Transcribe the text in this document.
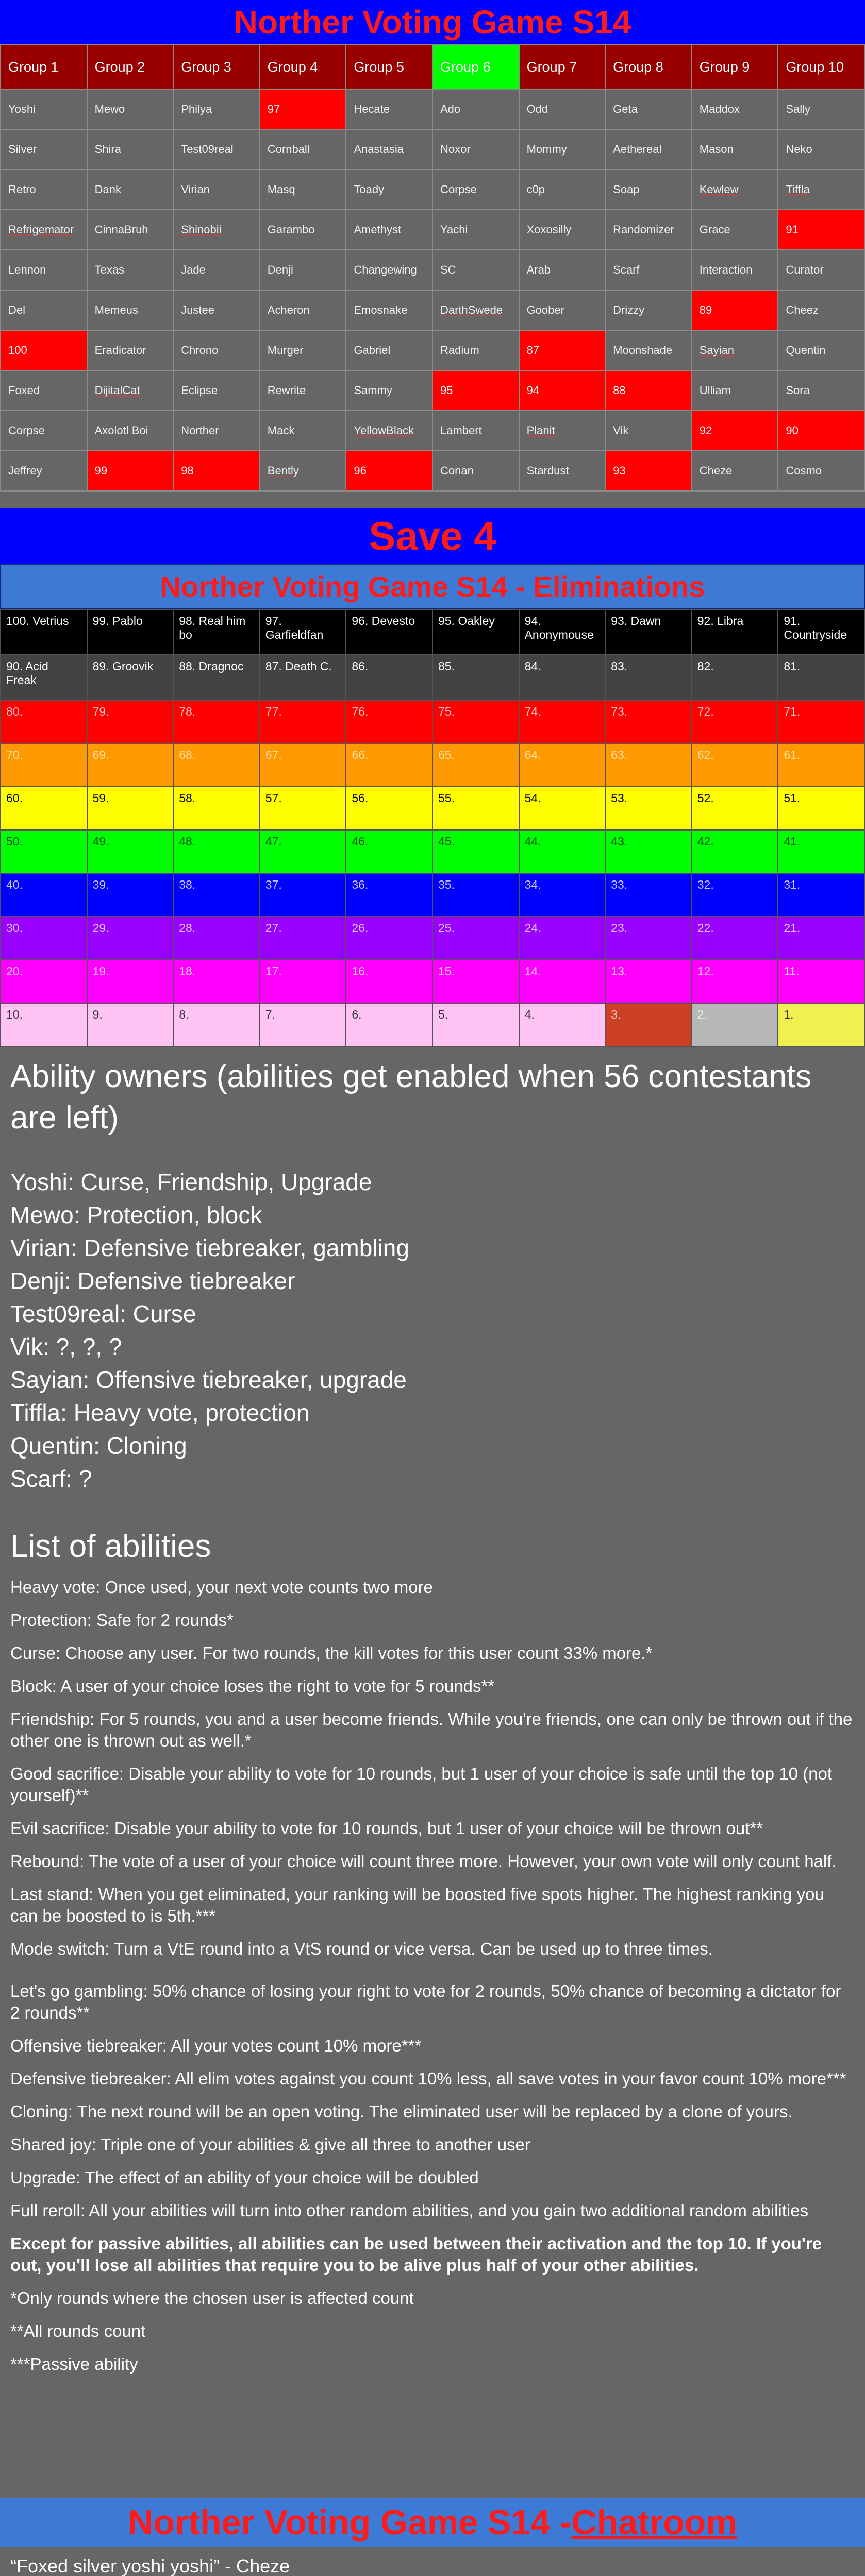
Norther Voting Game S14
Group 1	Group 2	Group 3	Group 4	Group 5	Group 6	Group 7	Group 8	Group 9	Group 10
Yoshi	Mewo	Philya	97	Hecate	Ado	Odd	Geta	Maddox	Sally
Silver	Shira	Test09real	Cornball	Anastasia	Noxor	Mommy	Aethereal	Mason	Neko
Retro	Dank	Virian	Masq	Toady	Corpse	c0p	Soap	Kewlew	Tiffla
Refrigemator	CinnaBruh	Shinobii	Garambo	Amethyst	Yachi	Xoxosilly	Randomizer	Grace	91
Lennon	Texas	Jade	Denji	Changewing	SC	Arab	Scarf	Interaction	Curator
Del	Memeus	Justee	Acheron	Emosnake	DarthSwede	Goober	Drizzy	89	Cheez
100	Eradicator	Chrono	Murger	Gabriel	Radium	87	Moonshade	Sayian	Quentin
Foxed	DijitalCat	Eclipse	Rewrite	Sammy	95	94	88	Ulliam	Sora
Corpse	Axolotl Boi	Norther	Mack	YellowBlack	Lambert	Planit	Vik	92	90
Jeffrey	99	98	Bently	96	Conan	Stardust	93	Cheze	Cosmo
Save 4
Norther Voting Game S14 - Eliminations
100. Vetrius	99. Pablo	98. Real him bo	97. Garfieldfan	96. Devesto	95. Oakley	94. Anonymouse	93. Dawn	92. Libra	91. Countryside
90. Acid Freak	89. Groovik	88. Dragnoc	87. Death C.	86.	85.	84.	83.	82.	81.
80.	79.	78.	77.	76.	75.	74.	73.	72.	71.
70.	69.	68.	67.	66.	65.	64.	63.	62.	61.
60.	59.	58.	57.	56.	55.	54.	53.	52.	51.
50.	49.	48.	47.	46.	45.	44.	43.	42.	41.
40.	39.	38.	37.	36.	35.	34.	33.	32.	31.
30.	29.	28.	27.	26.	25.	24.	23.	22.	21.
20.	19.	18.	17.	16.	15.	14.	13.	12.	11.
10.	9.	8.	7.	6.	5.	4.	3.	2.	1.
Ability owners (abilities get enabled when 56 contestants are left)
Yoshi: Curse, Friendship, Upgrade
Mewo: Protection, block
Virian: Defensive tiebreaker, gambling
Denji: Defensive tiebreaker
Test09real: Curse
Vik: ?, ?, ?
Sayian: Offensive tiebreaker, upgrade
Tiffla: Heavy vote, protection
Quentin: Cloning
Scarf: ?
List of abilities

Heavy vote: Once used, your next vote counts two more

Protection: Safe for 2 rounds*

Curse: Choose any user. For two rounds, the kill votes for this user count 33% more.*

Block: A user of your choice loses the right to vote for 5 rounds**

Friendship: For 5 rounds, you and a user become friends. While you're friends, one can only be thrown out if the other one is thrown out as well.*

Good sacrifice: Disable your ability to vote for 10 rounds, but 1 user of your choice is safe until the top 10 (not yourself)**

Evil sacrifice: Disable your ability to vote for 10 rounds, but 1 user of your choice will be thrown out**

Rebound: The vote of a user of your choice will count three more. However, your own vote will only count half.

Last stand: When you get eliminated, your ranking will be boosted five spots higher. The highest ranking you can be boosted to is 5th.***

Mode switch: Turn a VtE round into a VtS round or vice versa. Can be used up to three times.

Let's go gambling: 50% chance of losing your right to vote for 2 rounds, 50% chance of becoming a dictator for 2 rounds**

Offensive tiebreaker: All your votes count 10% more***

Defensive tiebreaker: All elim votes against you count 10% less, all save votes in your favor count 10% more***

Cloning: The next round will be an open voting. The eliminated user will be replaced by a clone of yours.

Shared joy: Triple one of your abilities & give all three to another user

Upgrade: The effect of an ability of your choice will be doubled

Full reroll: All your abilities will turn into other random abilities, and you gain two additional random abilities

Except for passive abilities, all abilities can be used between their activation and the top 10. If you're out, you'll lose all abilities that require you to be alive plus half of your other abilities.

*Only rounds where the chosen user is affected count

**All rounds count

***Passive ability

Norther Voting Game S14 - Chatroom

“Foxed silver yoshi yoshi” - Cheze
